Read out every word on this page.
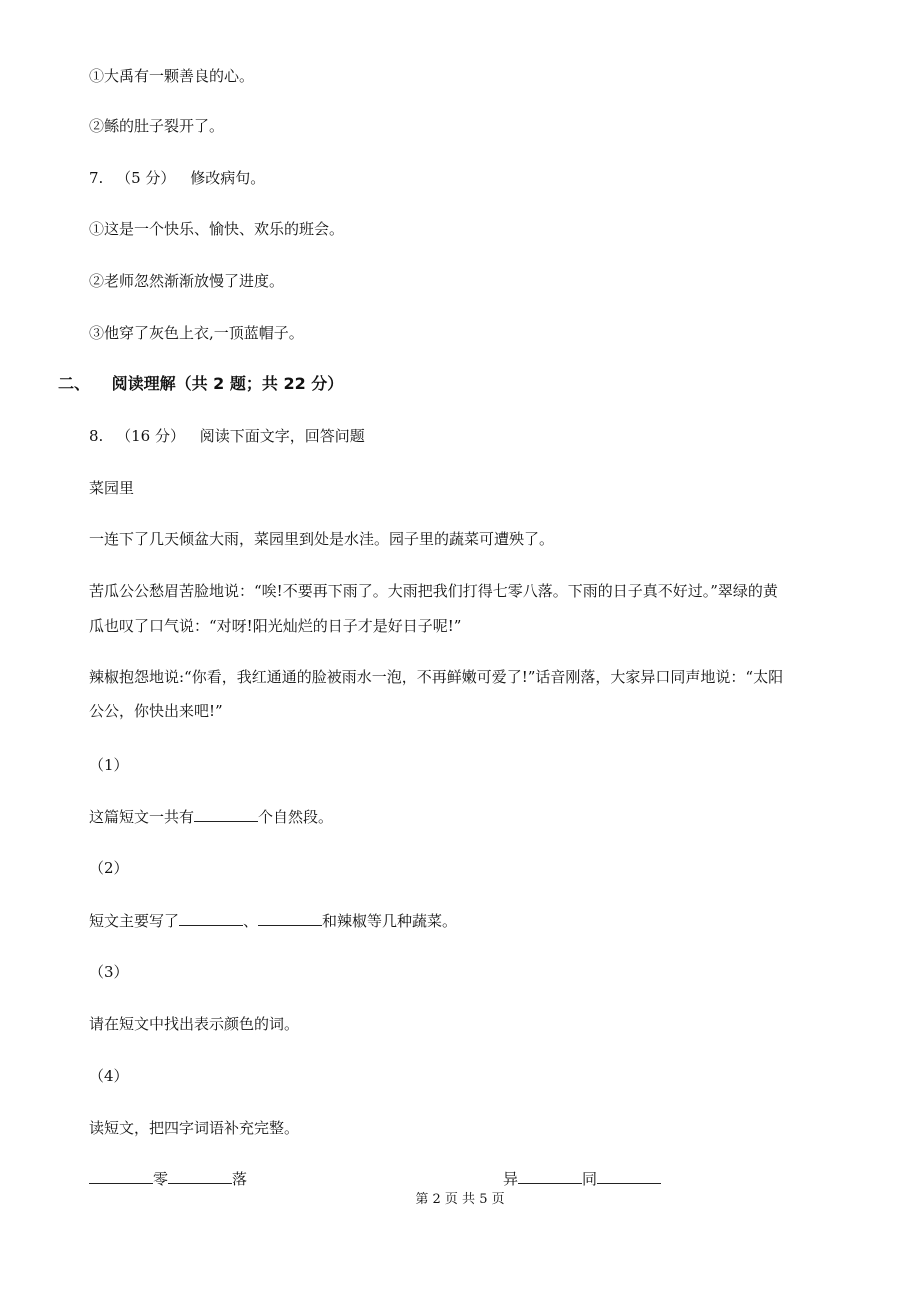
①大禹有一颗善良的心。
②鲧的肚子裂开了。
7. （5 分） 修改病句。
①这是一个快乐、愉快、欢乐的班会。
②老师忽然渐渐放慢了进度。
③他穿了灰色上衣,一顶蓝帽子。
二、 阅读理解（共 2 题；共 22 分）
8. （16 分） 阅读下面文字，回答问题
菜园里
一连下了几天倾盆大雨，菜园里到处是水洼。园子里的蔬菜可遭殃了。
苦瓜公公愁眉苦脸地说：“唉!不要再下雨了。大雨把我们打得七零八落。下雨的日子真不好过。”翠绿的黄
瓜也叹了口气说：“对呀!阳光灿烂的日子才是好日子呢!”
辣椒抱怨地说:“你看，我红通通的脸被雨水一泡，不再鲜嫩可爱了!”话音刚落，大家异口同声地说：“太阳
公公，你快出来吧!”
（1）
这篇短文一共有	个自然段。
（2）
短文主要写了	、	和辣椒等几种蔬菜。
（3）
请在短文中找出表示颜色的词。
（4）
读短文，把四字词语补充完整。
零	落	异	同
第 2 页 共 5 页
